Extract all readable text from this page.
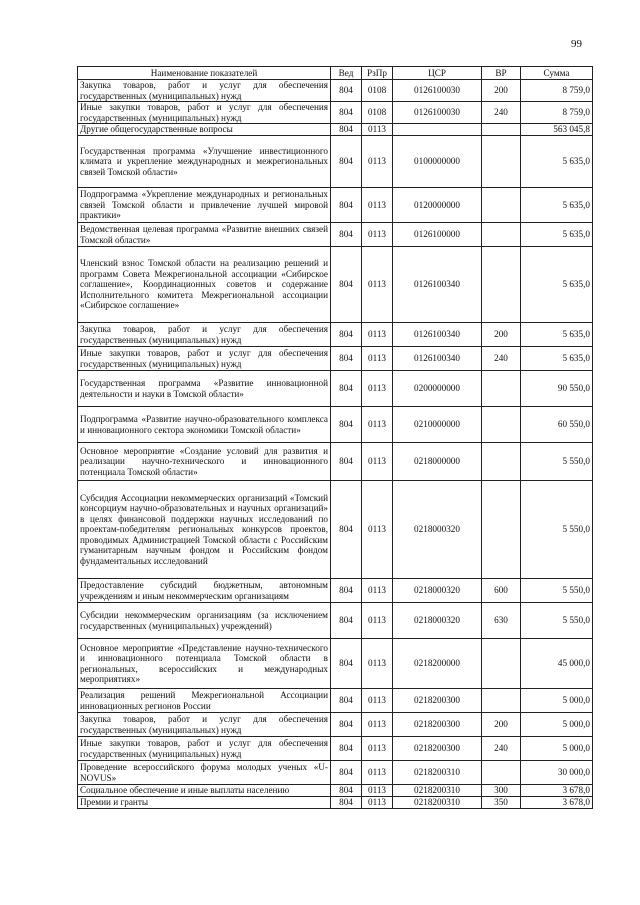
99
Наименование показателей	Вед	РзПр	ЦСР	ВР	Сумма
Закупка товаров, работ и услуг для обеспечения государственных (муниципальных) нужд	804	0108	0126100030	200	8 759,0
Иные закупки товаров, работ и услуг для обеспечения государственных (муниципальных) нужд	804	0108	0126100030	240	8 759,0
Другие общегосударственные вопросы	804	0113			563 045,8
Государственная программа «Улучшение инвестиционного климата и укрепление международных и межрегиональных связей Томской области»	804	0113	0100000000		5 635,0
Подпрограмма «Укрепление международных и региональных связей Томской области и привлечение лучшей мировой практики»	804	0113	0120000000		5 635,0
Ведомственная целевая программа «Развитие внешних связей Томской области»	804	0113	0126100000		5 635,0
Членский взнос Томской области на реализацию решений и программ Совета Межрегиональной ассоциации «Сибирское соглашение», Координационных советов и содержание Исполнительного комитета Межрегиональной ассоциации «Сибирское соглашение»	804	0113	0126100340		5 635,0
Закупка товаров, работ и услуг для обеспечения государственных (муниципальных) нужд	804	0113	0126100340	200	5 635,0
Иные закупки товаров, работ и услуг для обеспечения государственных (муниципальных) нужд	804	0113	0126100340	240	5 635,0
Государственная программа «Развитие инновационной деятельности и науки в Томской области»	804	0113	0200000000		90 550,0
Подпрограмма «Развитие научно-образовательного комплекса и инновационного сектора экономики Томской области»	804	0113	0210000000		60 550,0
Основное мероприятие «Создание условий для развития и реализации научно-технического и инновационного потенциала Томской области»	804	0113	0218000000		5 550,0
Субсидия Ассоциации некоммерческих организаций «Томский консорциум научно-образовательных и научных организаций» в целях финансовой поддержки научных исследований по проектам-победителям региональных конкурсов проектов, проводимых Администрацией Томской области с Российским гуманитарным научным фондом и Российским фондом фундаментальных исследований	804	0113	0218000320		5 550,0
Предоставление субсидий бюджетным, автономным учреждениям и иным некоммерческим организациям	804	0113	0218000320	600	5 550,0
Субсидии некоммерческим организациям (за исключением государственных (муниципальных) учреждений)	804	0113	0218000320	630	5 550,0
Основное мероприятие «Представление научно-технического и инновационного потенциала Томской области в региональных, всероссийских и международных мероприятиях»	804	0113	0218200000		45 000,0
Реализация решений Межрегиональной Ассоциации инновационных регионов России	804	0113	0218200300		5 000,0
Закупка товаров, работ и услуг для обеспечения государственных (муниципальных) нужд	804	0113	0218200300	200	5 000,0
Иные закупки товаров, работ и услуг для обеспечения государственных (муниципальных) нужд	804	0113	0218200300	240	5 000,0
Проведение всероссийского форума молодых ученых «U-NOVUS»	804	0113	0218200310		30 000,0
Социальное обеспечение и иные выплаты населению	804	0113	0218200310	300	3 678,0
Премии и гранты	804	0113	0218200310	350	3 678,0
